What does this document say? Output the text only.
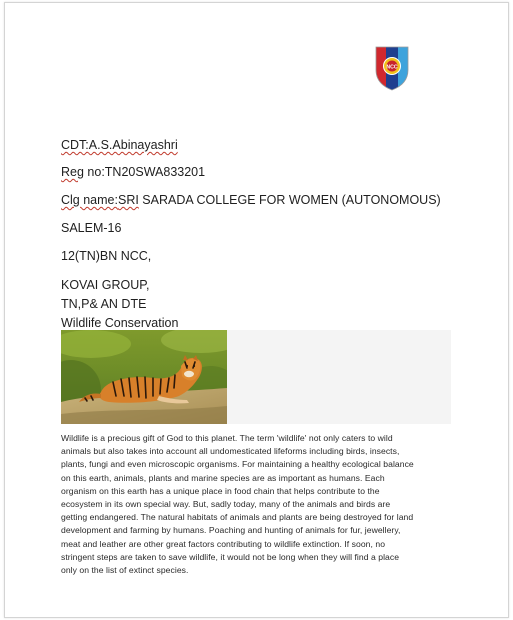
NCC
CDT:A.S.Abinayashri
Reg no:TN20SWA833201
Clg name:SRI SARADA COLLEGE FOR WOMEN (AUTONOMOUS)
SALEM-16
12(TN)BN NCC,
KOVAI GROUP,
TN,P& AN DTE
Wildlife Conservation
Wildlife is a precious gift of God to this planet. The term 'wildlife' not only caters to wild
animals but also takes into account all undomesticated lifeforms including birds, insects,
plants, fungi and even microscopic organisms. For maintaining a healthy ecological balance
on this earth, animals, plants and marine species are as important as humans. Each
organism on this earth has a unique place in food chain that helps contribute to the
ecosystem in its own special way. But, sadly today, many of the animals and birds are
getting endangered. The natural habitats of animals and plants are being destroyed for land
development and farming by humans. Poaching and hunting of animals for fur, jewellery,
meat and leather are other great factors contributing to wildlife extinction. If soon, no
stringent steps are taken to save wildlife, it would not be long when they will find a place
only on the list of extinct species.
